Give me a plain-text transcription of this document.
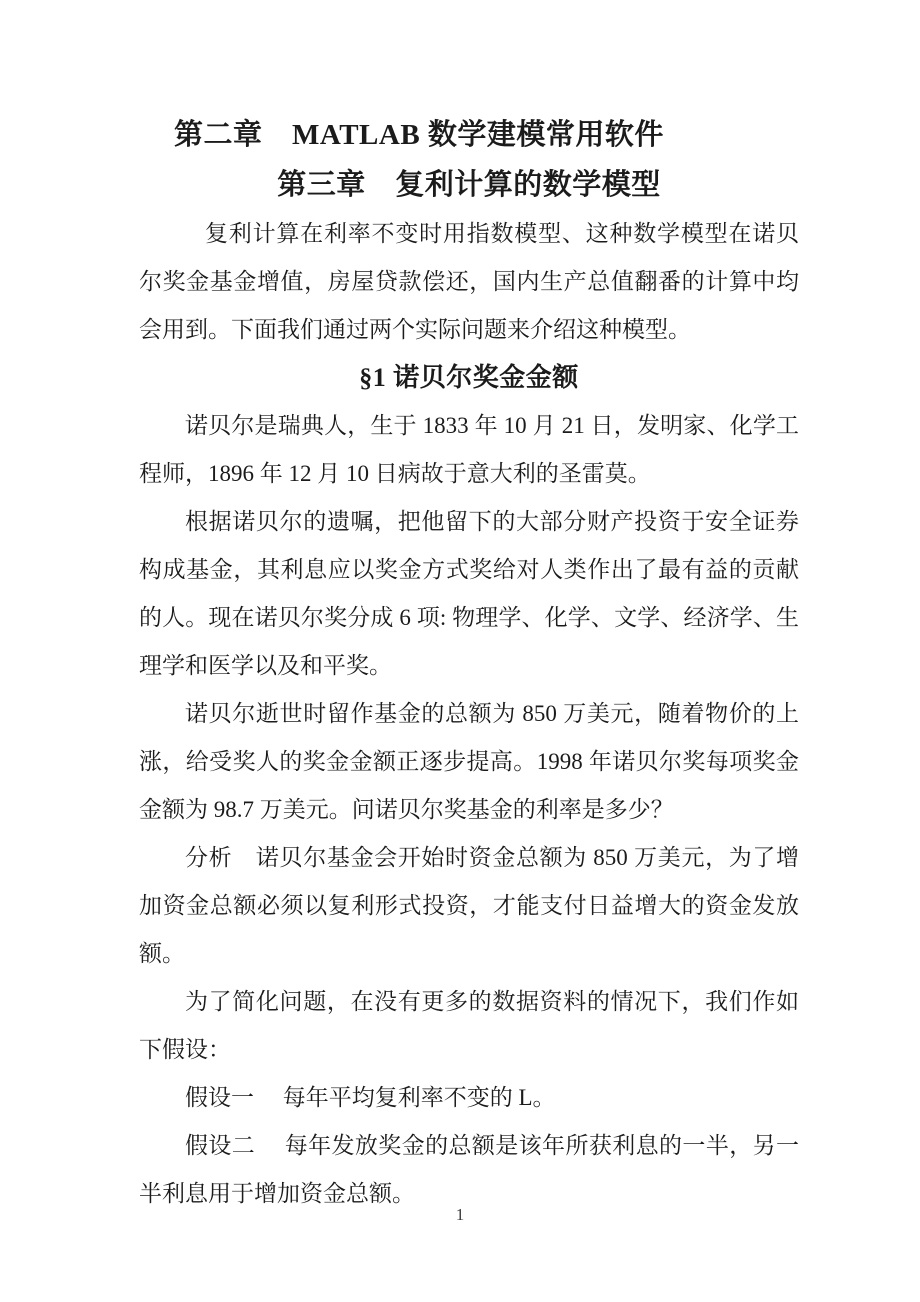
第二章　MATLAB 数学建模常用软件
第三章　复利计算的数学模型

复利计算在利率不变时用指数模型、这种数学模型在诺贝尔奖金基金增值，房屋贷款偿还，国内生产总值翻番的计算中均会用到。下面我们通过两个实际问题来介绍这种模型。

§1 诺贝尔奖金金额

诺贝尔是瑞典人，生于 1833 年 10 月 21 日，发明家、化学工程师，1896 年 12 月 10 日病故于意大利的圣雷莫。

根据诺贝尔的遗嘱，把他留下的大部分财产投资于安全证券构成基金，其利息应以奖金方式奖给对人类作出了最有益的贡献的人。现在诺贝尔奖分成 6 项: 物理学、化学、文学、经济学、生理学和医学以及和平奖。

诺贝尔逝世时留作基金的总额为 850 万美元，随着物价的上涨，给受奖人的奖金金额正逐步提高。1998 年诺贝尔奖每项奖金金额为 98.7 万美元。问诺贝尔奖基金的利率是多少？

分析　诺贝尔基金会开始时资金总额为 850 万美元，为了增加资金总额必须以复利形式投资，才能支付日益增大的资金发放额。

为了简化问题，在没有更多的数据资料的情况下，我们作如下假设：

假设一　 每年平均复利率不变的 L。

假设二　 每年发放奖金的总额是该年所获利息的一半，另一半利息用于增加资金总额。

1
